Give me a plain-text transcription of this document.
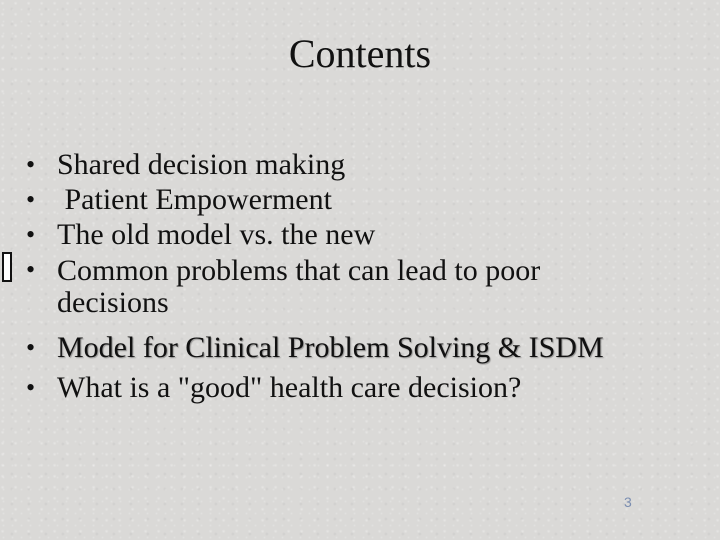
Contents
• Shared decision making
• Patient Empowerment
• The old model vs. the new
• Common problems that can lead to poor decisions
• Model for Clinical Problem Solving & ISDM
• What is a "good" health care decision?
3
